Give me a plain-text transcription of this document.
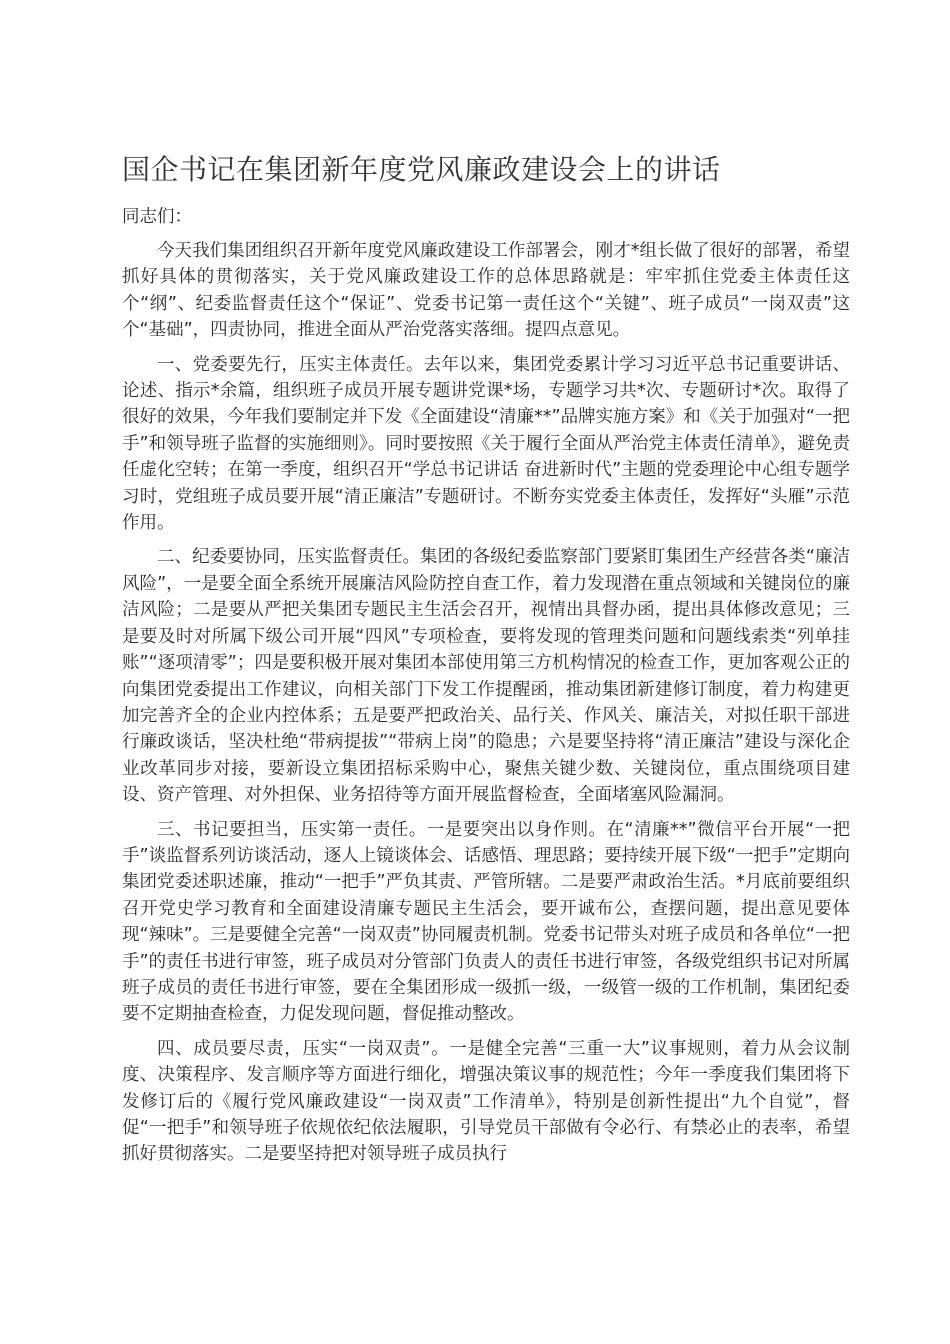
国企书记在集团新年度党风廉政建设会上的讲话

同志们：

今天我们集团组织召开新年度党风廉政建设工作部署会，刚才*组长做了很好的部署，希望抓好具体的贯彻落实，关于党风廉政建设工作的总体思路就是：牢牢抓住党委主体责任这个“纲”、纪委监督责任这个“保证”、党委书记第一责任这个“关键”、班子成员“一岗双责”这个“基础”，四责协同，推进全面从严治党落实落细。提四点意见。

一、党委要先行，压实主体责任。去年以来，集团党委累计学习习近平总书记重要讲话、论述、指示*余篇，组织班子成员开展专题讲党课*场，专题学习共*次、专题研讨*次。取得了很好的效果，今年我们要制定并下发《全面建设“清廉**”品牌实施方案》和《关于加强对“一把手”和领导班子监督的实施细则》。同时要按照《关于履行全面从严治党主体责任清单》，避免责任虚化空转；在第一季度，组织召开“学总书记讲话 奋进新时代”主题的党委理论中心组专题学习时，党组班子成员要开展“清正廉洁”专题研讨。不断夯实党委主体责任，发挥好“头雁”示范作用。

二、纪委要协同，压实监督责任。集团的各级纪委监察部门要紧盯集团生产经营各类“廉洁风险”，一是要全面全系统开展廉洁风险防控自查工作，着力发现潜在重点领域和关键岗位的廉洁风险；二是要从严把关集团专题民主生活会召开，视情出具督办函，提出具体修改意见；三是要及时对所属下级公司开展“四风”专项检查，要将发现的管理类问题和问题线索类“列单挂账”“逐项清零”；四是要积极开展对集团本部使用第三方机构情况的检查工作，更加客观公正的向集团党委提出工作建议，向相关部门下发工作提醒函，推动集团新建修订制度，着力构建更加完善齐全的企业内控体系；五是要严把政治关、品行关、作风关、廉洁关，对拟任职干部进行廉政谈话，坚决杜绝“带病提拔”“带病上岗”的隐患；六是要坚持将“清正廉洁”建设与深化企业改革同步对接，要新设立集团招标采购中心，聚焦关键少数、关键岗位，重点围绕项目建设、资产管理、对外担保、业务招待等方面开展监督检查，全面堵塞风险漏洞。

三、书记要担当，压实第一责任。一是要突出以身作则。在“清廉**”微信平台开展“一把手”谈监督系列访谈活动，逐人上镜谈体会、话感悟、理思路；要持续开展下级“一把手”定期向集团党委述职述廉，推动“一把手”严负其责、严管所辖。二是要严肃政治生活。*月底前要组织召开党史学习教育和全面建设清廉专题民主生活会，要开诚布公，查摆问题，提出意见要体现“辣味”。三是要健全完善“一岗双责”协同履责机制。党委书记带头对班子成员和各单位“一把手”的责任书进行审签，班子成员对分管部门负责人的责任书进行审签，各级党组织书记对所属班子成员的责任书进行审签，要在全集团形成一级抓一级，一级管一级的工作机制，集团纪委要不定期抽查检查，力促发现问题，督促推动整改。

四、成员要尽责，压实“一岗双责”。一是健全完善“三重一大”议事规则，着力从会议制度、决策程序、发言顺序等方面进行细化，增强决策议事的规范性；今年一季度我们集团将下发修订后的《履行党风廉政建设“一岗双责”工作清单》，特别是创新性提出“九个自觉”，督促“一把手”和领导班子依规依纪依法履职，引导党员干部做有令必行、有禁必止的表率，希望抓好贯彻落实。二是要坚持把对领导班子成员执行
